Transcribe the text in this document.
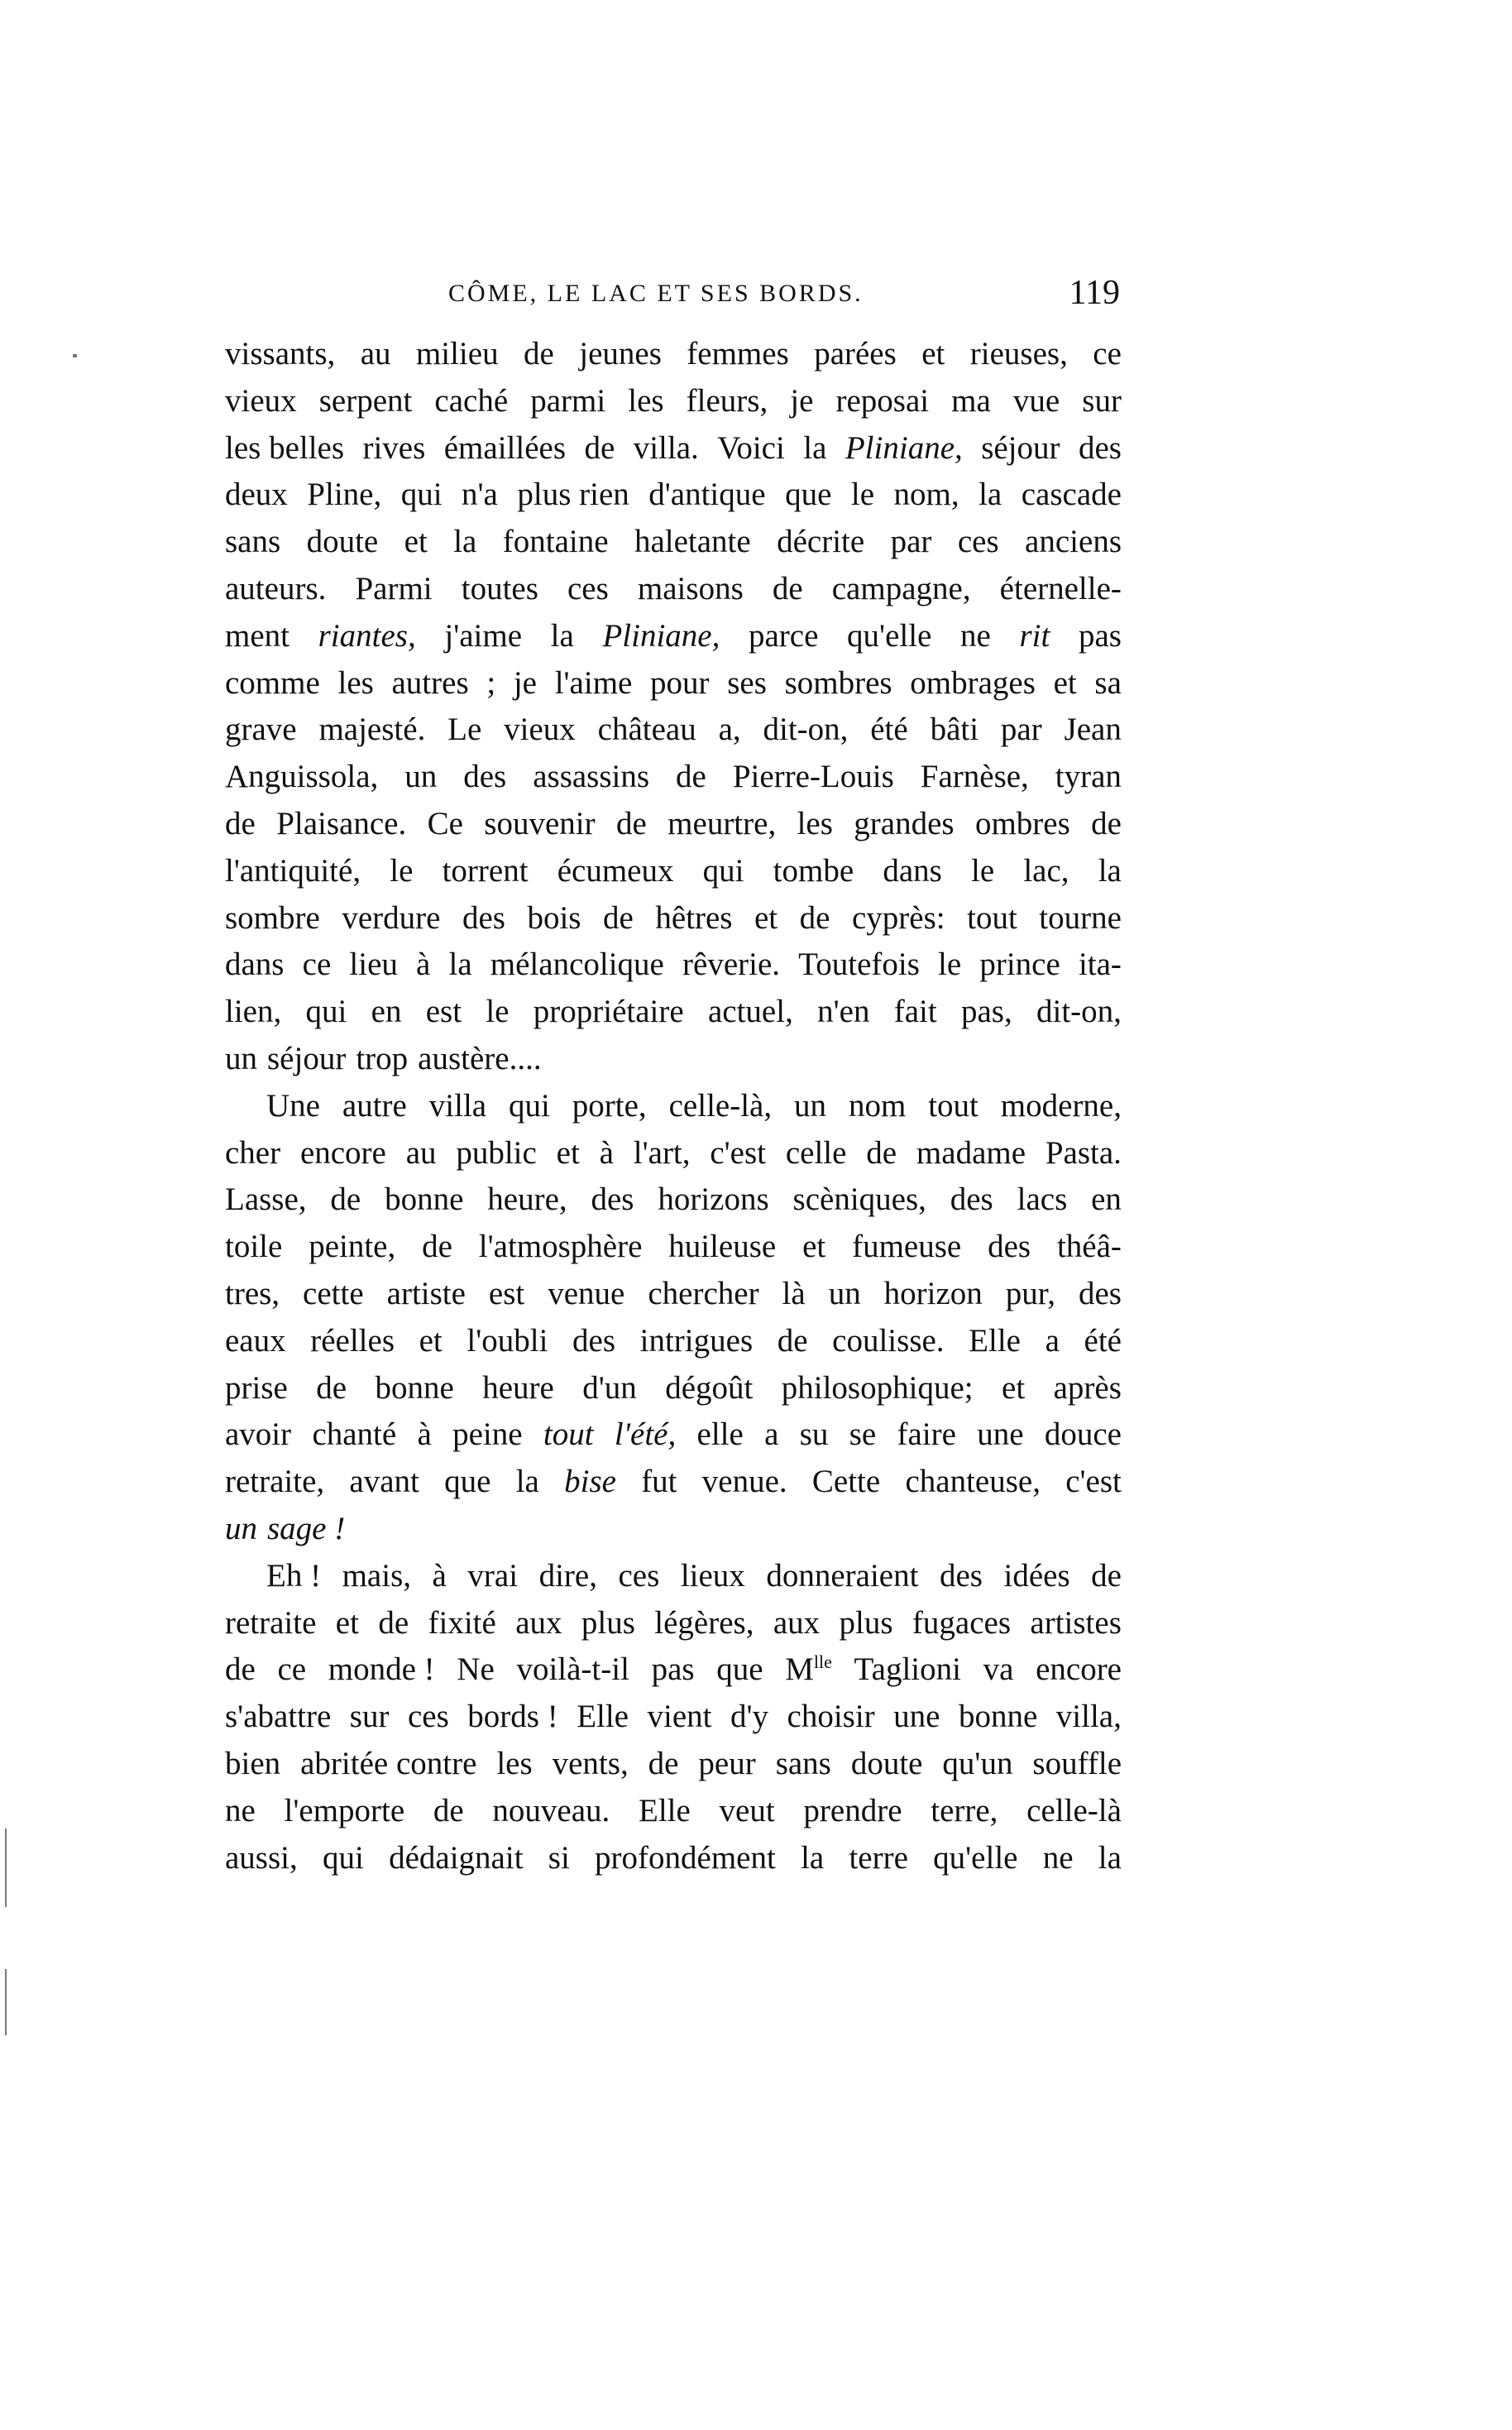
CÔME, LE LAC ET SES BORDS.	119
vissants, au milieu de jeunes femmes parées et rieuses, ce
vieux serpent caché parmi les fleurs, je reposai ma vue sur
les belles rives émaillées de villa. Voici la Pliniane, séjour des
deux Pline, qui n'a plus rien d'antique que le nom, la cascade
sans doute et la fontaine haletante décrite par ces anciens
auteurs. Parmi toutes ces maisons de campagne, éternelle-
ment riantes, j'aime la Pliniane, parce qu'elle ne rit pas
comme les autres ; je l'aime pour ses sombres ombrages et sa
grave majesté. Le vieux château a, dit-on, été bâti par Jean
Anguissola, un des assassins de Pierre-Louis Farnèse, tyran
de Plaisance. Ce souvenir de meurtre, les grandes ombres de
l'antiquité, le torrent écumeux qui tombe dans le lac, la
sombre verdure des bois de hêtres et de cyprès: tout tourne
dans ce lieu à la mélancolique rêverie. Toutefois le prince ita-
lien, qui en est le propriétaire actuel, n'en fait pas, dit-on,
un séjour trop austère....
Une autre villa qui porte, celle-là, un nom tout moderne,
cher encore au public et à l'art, c'est celle de madame Pasta.
Lasse, de bonne heure, des horizons scèniques, des lacs en
toile peinte, de l'atmosphère huileuse et fumeuse des théâ-
tres, cette artiste est venue chercher là un horizon pur, des
eaux réelles et l'oubli des intrigues de coulisse. Elle a été
prise de bonne heure d'un dégoût philosophique; et après
avoir chanté à peine tout l'été, elle a su se faire une douce
retraite, avant que la bise fut venue. Cette chanteuse, c'est
un sage !
Eh ! mais, à vrai dire, ces lieux donneraient des idées de
retraite et de fixité aux plus légères, aux plus fugaces artistes
de ce monde ! Ne voilà-t-il pas que $M^{lle}$ Taglioni va encore
s'abattre sur ces bords ! Elle vient d'y choisir une bonne villa,
bien abritée contre les vents, de peur sans doute qu'un souffle
ne l'emporte de nouveau. Elle veut prendre terre, celle-là
aussi, qui dédaignait si profondément la terre qu'elle ne la
